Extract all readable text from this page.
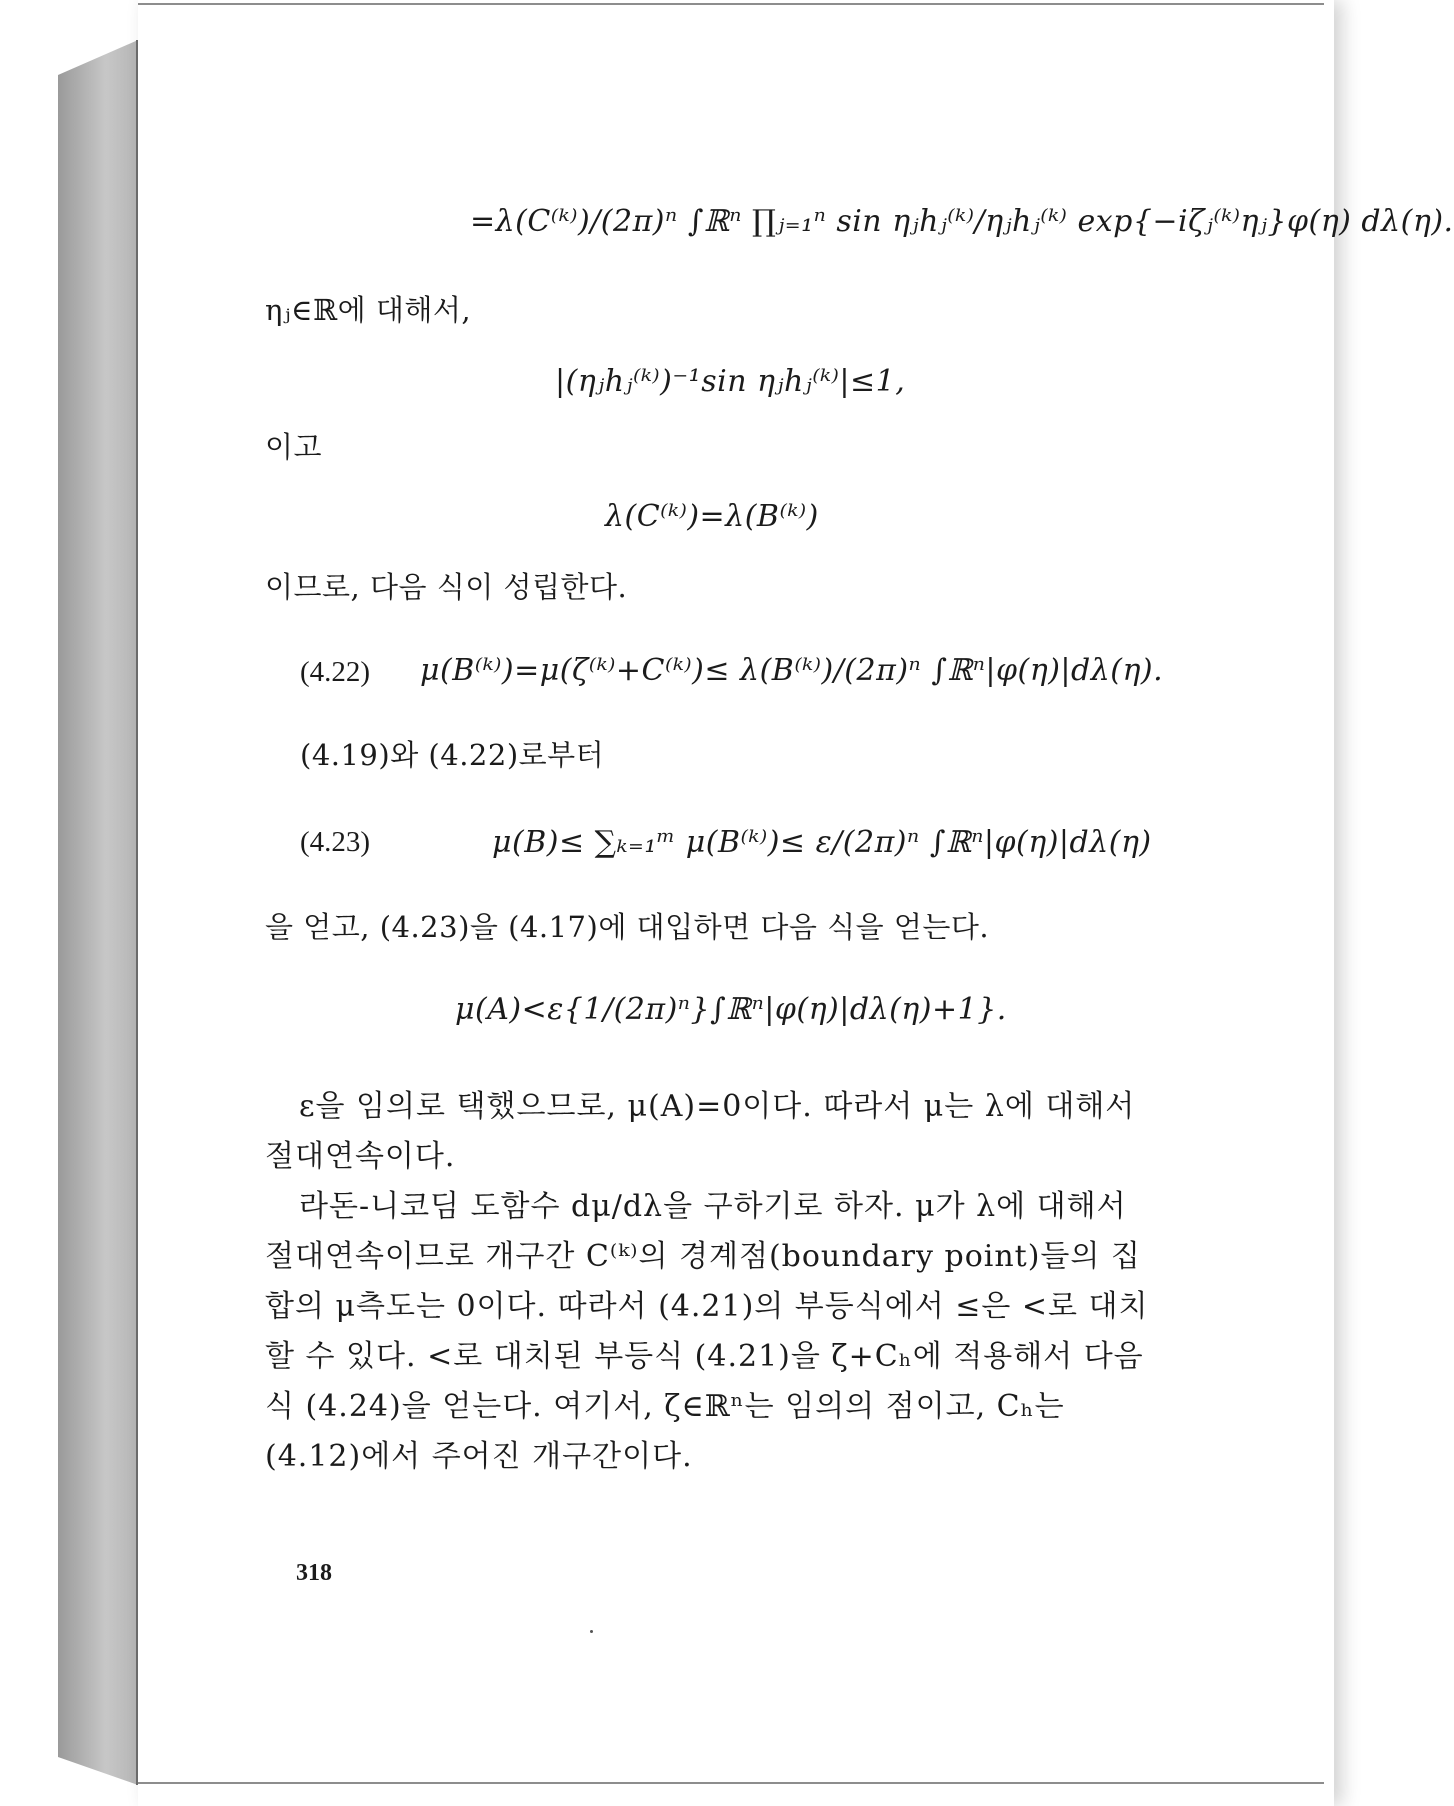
=λ(C⁽ᵏ⁾)/(2π)ⁿ ∫ℝⁿ ∏ⱼ₌₁ⁿ sin ηⱼhⱼ⁽ᵏ⁾/ηⱼhⱼ⁽ᵏ⁾ exp{−iζⱼ⁽ᵏ⁾ηⱼ}φ(η) dλ(η).
ηⱼ∈ℝ에 대해서,
|(ηⱼhⱼ⁽ᵏ⁾)⁻¹sin ηⱼhⱼ⁽ᵏ⁾|≤1,
이고
λ(C⁽ᵏ⁾)=λ(B⁽ᵏ⁾)
이므로, 다음 식이 성립한다.
(4.22) μ(B⁽ᵏ⁾)=μ(ζ⁽ᵏ⁾+C⁽ᵏ⁾)≤ λ(B⁽ᵏ⁾)/(2π)ⁿ ∫ℝⁿ|φ(η)|dλ(η).
(4.19)와 (4.22)로부터
(4.23)	μ(B)≤ ∑ₖ₌₁ᵐ μ(B⁽ᵏ⁾)≤ ε/(2π)ⁿ ∫ℝⁿ|φ(η)|dλ(η)
을 얻고, (4.23)을 (4.17)에 대입하면 다음 식을 얻는다.
μ(A)<ε{1/(2π)ⁿ}∫ℝⁿ|φ(η)|dλ(η)+1}.
ε을 임의로 택했으므로, μ(A)=0이다. 따라서 μ는 λ에 대해서 절대연속이다.
라돈-니코딤 도함수 dμ/dλ을 구하기로 하자. μ가 λ에 대해서 절대연속이므로 개구간 C⁽ᵏ⁾의 경계점(boundary point)들의 집합의 μ측도는 0이다. 따라서 (4.21)의 부등식에서 ≤은 <로 대치할 수 있다. <로 대치된 부등식 (4.21)을 ζ+Cₕ에 적용해서 다음 식 (4.24)을 얻는다. 여기서, ζ∈ℝⁿ는 임의의 점이고, Cₕ는 (4.12)에서 주어진 개구간이다.
318
